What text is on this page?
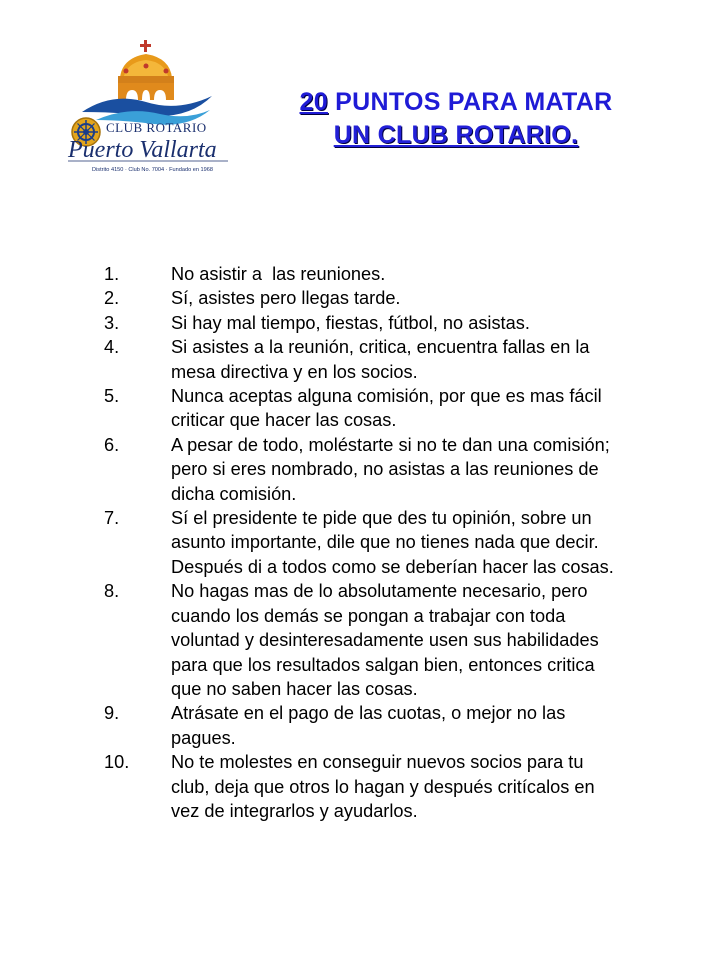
CLUB ROTARIO
Puerto Vallarta
Distrito 4150 · Club No. 7004 · Fundado en 1968
20 PUNTOS PARA MATAR
UN CLUB ROTARIO.
1.	No asistir a  las reuniones.
2.	Sí, asistes pero llegas tarde.
3.	Si hay mal tiempo, fiestas, fútbol, no asistas.
4.	Si asistes a la reunión, critica, encuentra fallas en la
mesa directiva y en los socios.
5.	Nunca aceptas alguna comisión, por que es mas fácil
criticar que hacer las cosas.
6.	A pesar de todo, moléstarte si no te dan una comisión;
pero si eres nombrado, no asistas a las reuniones de
dicha comisión.
7.	Sí el presidente te pide que des tu opinión, sobre un
asunto importante, dile que no tienes nada que decir.
Después di a todos como se deberían hacer las cosas.
8.	No hagas mas de lo absolutamente necesario, pero
cuando los demás se pongan a trabajar con toda
voluntad y desinteresadamente usen sus habilidades
para que los resultados salgan bien, entonces critica
que no saben hacer las cosas.
9.	Atrásate en el pago de las cuotas, o mejor no las
pagues.
10.	No te molestes en conseguir nuevos socios para tu
club, deja que otros lo hagan y después critícalos en
vez de integrarlos y ayudarlos.
